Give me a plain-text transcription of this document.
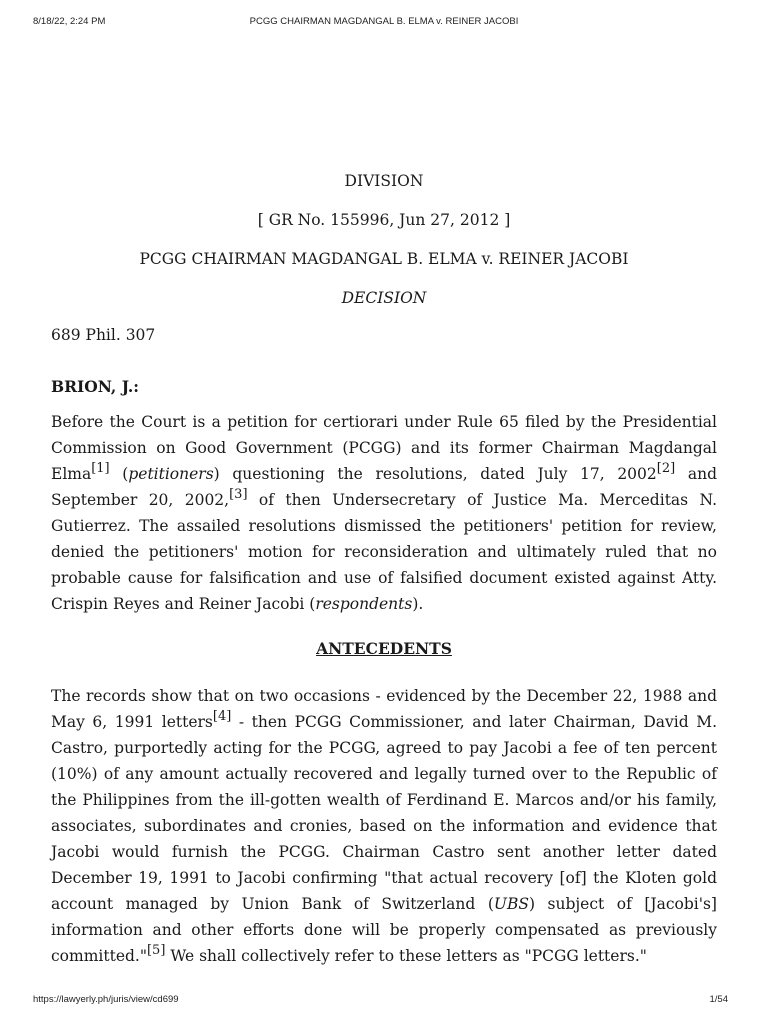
8/18/22, 2:24 PM	PCGG CHAIRMAN MAGDANGAL B. ELMA v. REINER JACOBI
DIVISION
[ GR No. 155996, Jun 27, 2012 ]
PCGG CHAIRMAN MAGDANGAL B. ELMA v. REINER JACOBI
DECISION
689 Phil. 307
BRION, J.:

Before the Court is a petition for certiorari under Rule 65 filed by the Presidential Commission on Good Government (PCGG) and its former Chairman Magdangal Elma[1] (petitioners) questioning the resolutions, dated July 17, 2002[2] and September 20, 2002,[3] of then Undersecretary of Justice Ma. Merceditas N. Gutierrez. The assailed resolutions dismissed the petitioners' petition for review, denied the petitioners' motion for reconsideration and ultimately ruled that no probable cause for falsification and use of falsified document existed against Atty. Crispin Reyes and Reiner Jacobi (respondents).

ANTECEDENTS

The records show that on two occasions - evidenced by the December 22, 1988 and May 6, 1991 letters[4] - then PCGG Commissioner, and later Chairman, David M. Castro, purportedly acting for the PCGG, agreed to pay Jacobi a fee of ten percent (10%) of any amount actually recovered and legally turned over to the Republic of the Philippines from the ill-gotten wealth of Ferdinand E. Marcos and/or his family, associates, subordinates and cronies, based on the information and evidence that Jacobi would furnish the PCGG. Chairman Castro sent another letter dated December 19, 1991 to Jacobi confirming "that actual recovery [of] the Kloten gold account managed by Union Bank of Switzerland (UBS) subject of [Jacobi's] information and other efforts done will be properly compensated as previously committed."[5] We shall collectively refer to these letters as "PCGG letters."

https://lawyerly.ph/juris/view/cd699	1/54
